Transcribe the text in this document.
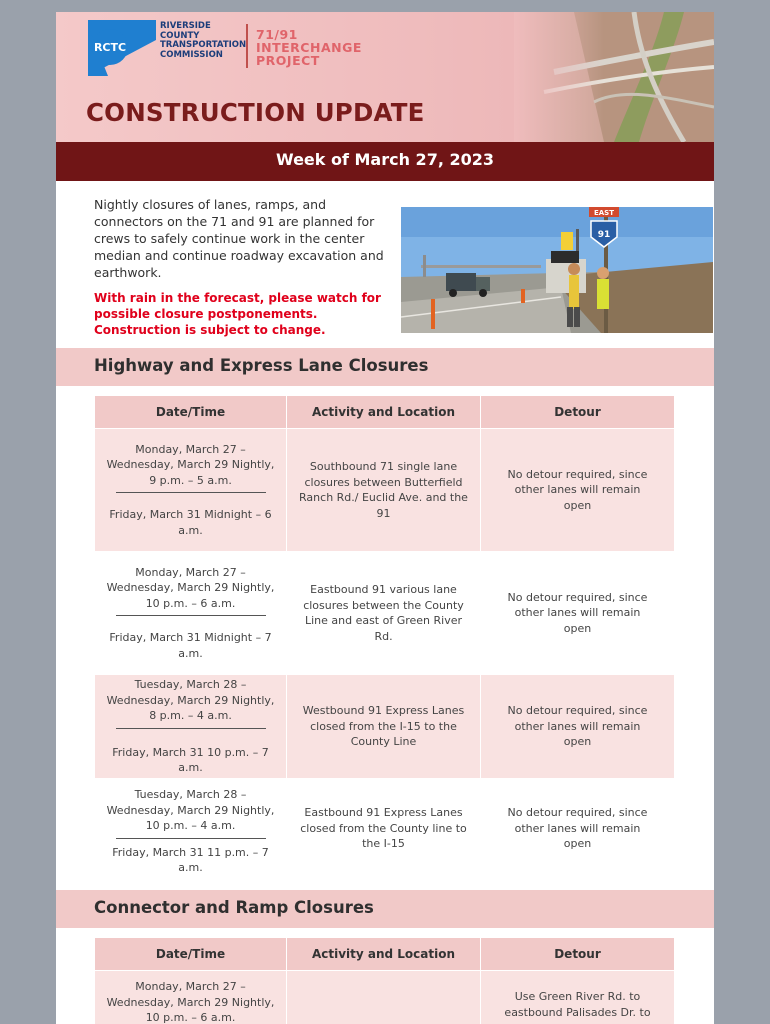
RCTC
RIVERSIDE
COUNTY
TRANSPORTATION
COMMISSION
71/91
INTERCHANGE
PROJECT
CONSTRUCTION UPDATE
Week of March 27, 2023

Nightly closures of lanes, ramps, and connectors on the 71 and 91 are planned for crews to safely continue work in the center median and continue roadway excavation and earthwork.

With rain in the forecast, please watch for possible closure postponements. Construction is subject to change.

EAST
91
Highway and Express Lane Closures
Date/Time	Activity and Location	Detour

Monday, March 27 – Wednesday, March 29 Nightly, 9 p.m. – 5 a.m.
Friday, March 31 Midnight – 6 a.m.	Southbound 71 single lane closures between Butterfield Ranch Rd./ Euclid Ave. and the 91	No detour required, since other lanes will remain open

Monday, March 27 – Wednesday, March 29 Nightly, 10 p.m. – 6 a.m.
Friday, March 31 Midnight – 7 a.m.	Eastbound 91 various lane closures between the County Line and east of Green River Rd.	No detour required, since other lanes will remain open

Tuesday, March 28 – Wednesday, March 29 Nightly, 8 p.m. – 4 a.m.
Friday, March 31 10 p.m. – 7 a.m.	Westbound 91 Express Lanes closed from the I-15 to the County Line	No detour required, since other lanes will remain open

Tuesday, March 28 – Wednesday, March 29 Nightly, 10 p.m. – 4 a.m.
Friday, March 31 11 p.m. – 7 a.m.	Eastbound 91 Express Lanes closed from the County line to the I-15	No detour required, since other lanes will remain open
Connector and Ramp Closures
Date/Time	Activity and Location	Detour

Monday, March 27 – Wednesday, March 29 Nightly, 10 p.m. – 6 a.m.		Use Green River Rd. to eastbound Palisades Dr. to
